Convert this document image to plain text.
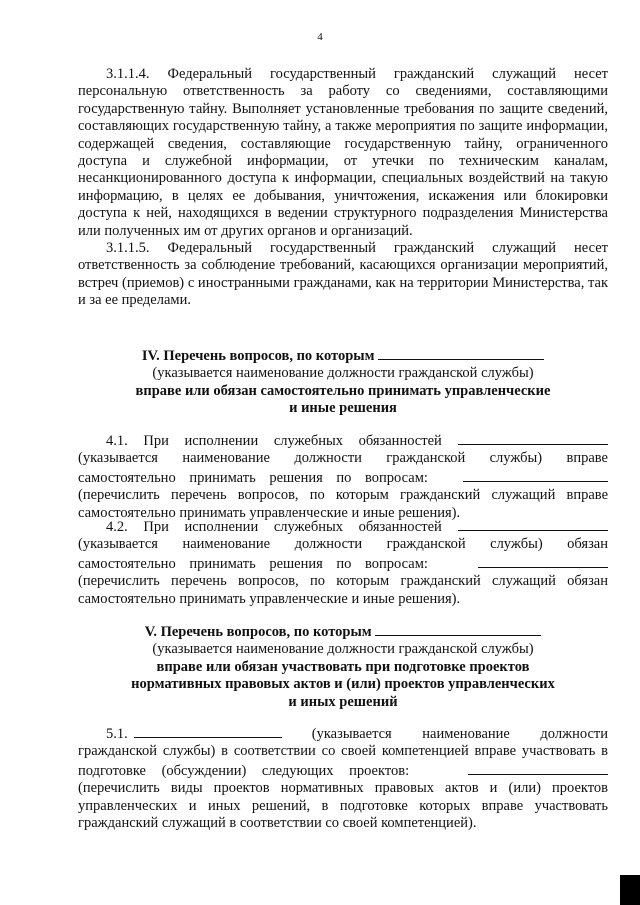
4

3.1.1.4. Федеральный государственный гражданский служащий несет персональную ответственность за работу со сведениями, составляющими государственную тайну. Выполняет установленные требования по защите сведений, составляющих государственную тайну, а также мероприятия по защите информации, содержащей сведения, составляющие государственную тайну, ограниченного доступа и служебной информации, от утечки по техническим каналам, несанкционированного доступа к информации, специальных воздействий на такую информацию, в целях ее добывания, уничтожения, искажения или блокировки доступа к ней, находящихся в ведении структурного подразделения Министерства или полученных им от других органов и организаций.

3.1.1.5. Федеральный государственный гражданский служащий несет ответственность за соблюдение требований, касающихся организации мероприятий, встреч (приемов) с иностранными гражданами, как на территории Министерства, так и за ее пределами.

IV. Перечень вопросов, по которым
(указывается наименование должности гражданской службы)
вправе или обязан самостоятельно принимать управленческие
и иные решения
4.1. При исполнении служебных обязанностей
(указывается наименование должности гражданской службы) вправе
самостоятельно принимать решения по вопросам:

(перечислить перечень вопросов, по которым гражданский служащий вправе самостоятельно принимать управленческие и иные решения).

4.2. При исполнении служебных обязанностей
(указывается наименование должности гражданской службы) обязан
самостоятельно принимать решения по вопросам:

(перечислить перечень вопросов, по которым гражданский служащий обязан самостоятельно принимать управленческие и иные решения).

V. Перечень вопросов, по которым
(указывается наименование должности гражданской службы)
вправе или обязан участвовать при подготовке проектов
нормативных правовых актов и (или) проектов управленческих
и иных решений
5.1.	(указывается наименование должности
гражданской службы) в соответствии со своей компетенцией вправе участвовать в
подготовке (обсуждении) следующих проектов:

(перечислить виды проектов нормативных правовых актов и (или) проектов управленческих и иных решений, в подготовке которых вправе участвовать гражданский служащий в соответствии со своей компетенцией).
